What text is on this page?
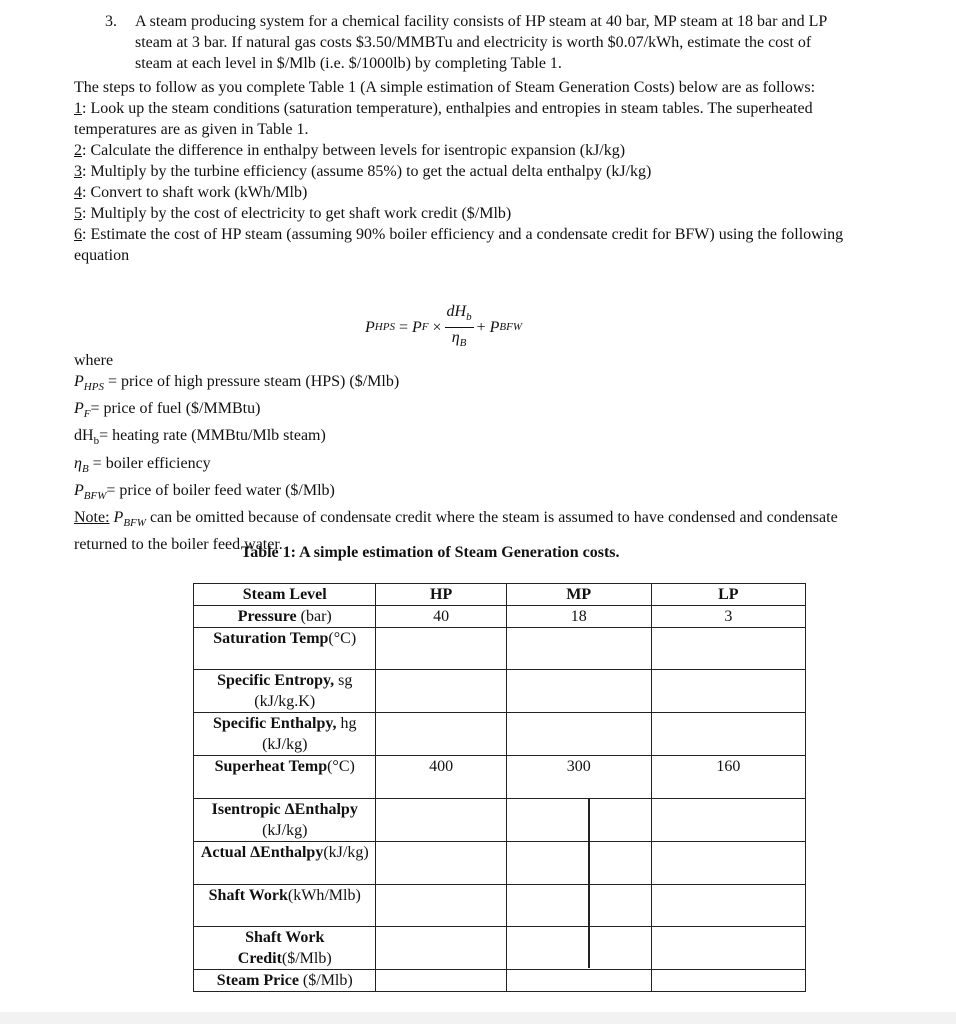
3. A steam producing system for a chemical facility consists of HP steam at 40 bar, MP steam at 18 bar and LP steam at 3 bar. If natural gas costs $3.50/MMBTu and electricity is worth $0.07/kWh, estimate the cost of steam at each level in $/Mlb (i.e. $/1000lb) by completing Table 1.

The steps to follow as you complete Table 1 (A simple estimation of Steam Generation Costs) below are as follows:

1: Look up the steam conditions (saturation temperature), enthalpies and entropies in steam tables. The superheated temperatures are as given in Table 1.

2: Calculate the difference in enthalpy between levels for isentropic expansion (kJ/kg)

3: Multiply by the turbine efficiency (assume 85%) to get the actual delta enthalpy (kJ/kg)

4: Convert to shaft work (kWh/Mlb)

5: Multiply by the cost of electricity to get shaft work credit ($/Mlb)

6: Estimate the cost of HP steam (assuming 90% boiler efficiency and a condensate credit for BFW) using the following equation

P HPS
=
P F
× $\frac{dH_b}{\eta_B}$ +
P BFW

where

$P_{HPS}$ = price of high pressure steam (HPS) ($/Mlb)

$P_F=$ price of fuel ($/MMBtu)

$dH_b=$ heating rate (MMBtu/Mlb steam)

$\eta_B$ = boiler efficiency

$P_{BFW}=$ price of boiler feed water ($/Mlb)

Note: $P_{BFW}$ can be omitted because of condensate credit where the steam is assumed to have condensed and condensate returned to the boiler feed water.

Table 1: A simple estimation of Steam Generation costs.
Steam Level	HP	MP	LP
Pressure (bar)	40	18	3
Saturation Temp(°C)			
Specific Entropy, sg (kJ/kg.K)			
Specific Enthalpy, hg (kJ/kg)			
Superheat Temp(°C)	400	300	160
Isentropic ΔEnthalpy (kJ/kg)			
Actual ΔEnthalpy(kJ/kg)			
Shaft Work(kWh/Mlb)			
Shaft Work Credit($/Mlb)			
Steam Price ($/Mlb)			
